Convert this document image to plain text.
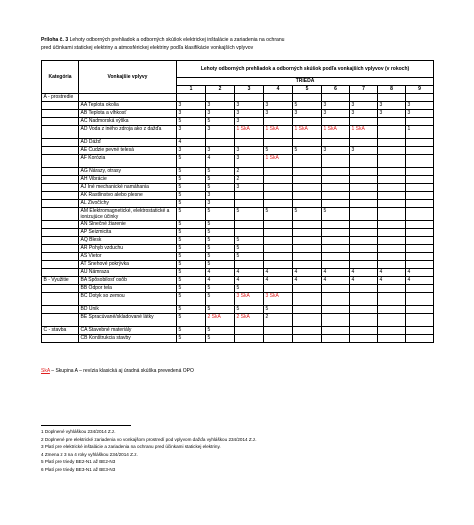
Príloha č. 3 Lehoty odborných prehliadok a odborných skúšok elektrickej inštalácie a zariadenia na ochranu
pred účinkami statickej elektriny a atmosférickej elektriny podľa klasifikácie vonkajších vplyvov
Kategória	Vonkajšie vplyvy	Lehoty odborných prehliadok a odborných skúšok podľa vonkajších vplyvov (v rokoch)								
		TRIEDA								
		1	2	3	4	5	6	7	8	9
A - prostredie										
	AA Teplota okolia	3	3	3	3	5	3	3	3	3
	AB Teplota a vlhkosť	3	3	3	3	3	3	3	3	3
	AC Nadmorská výška	5	5	3						
	AD Voda z iného zdroja ako z dažďa	3	3	1 SkA	1 SkA	1 SkA	1 SkA	1 SkA		1
	AD Dážď	4								
	AE Cudzie pevné telesá	3	3	3	5	5	3	3		
	AF Korózia	5	4	3	1 SkA					
	AG Nárazy, otrasy	5	5	2						
	AH Vibrácie	5	5	2						
	AJ Iné mechanické namáhania	5	5	3						
	AK Rastlinstvo alebo plesne	5	3							
	AL Živočíchy	5	3							
	AM Elektromagnetické, elektrostatické a ionizujúce účinky	5	5	5	5	5	5			
	AN Slnečné žiarenie	5	5							
	AP Seizmicita	5	5							
	AQ Blesk	5	5	5						
	AR Pohyb vzduchu	5	5	5						
	AS Vietor	5	5	5						
	AT Snehové pokrývka	5	5							
	AU Námraza	5	4	4	4	4	4	4	4	4
B - Využitie	BA Spôsobilosť osôb	5	4	4	4	4	4	4	4	4
	BB Odpor tela	5	5	5						
	BC Dotyk so zemou	5	5	3 SkA	3 SkA					
	BD Únik	5	5	5	5					
	BE Spracúvané/skladované látky	5	2 SkA	2 SkA	2					
C - stavba	CA Stavebné materiály	5	5							
	CB Konštrukcia stavby	5	5							
SkA – Skupina A – revízia klasická aj úradná skúška prevedená OPO
1 Doplnené vyhláškou 234/2014 Z.z.
2 Doplnené pre elektrické zariadenia vo vonkajšom prostredí pod vplyvom dažďa vyhláškou 234/2014 Z.z.
3 Platí pre elektrické inštalácie a zariadenia na ochranu pred účinkami statickej elektriny.
4 Zmena z 3 na 4 roky vyhláškou 234/2014 Z.z.
5 Platí pre triedy BE2-N1 až BE2-N3
6 Platí pre triedy BE3-N1 až BE3-N3
